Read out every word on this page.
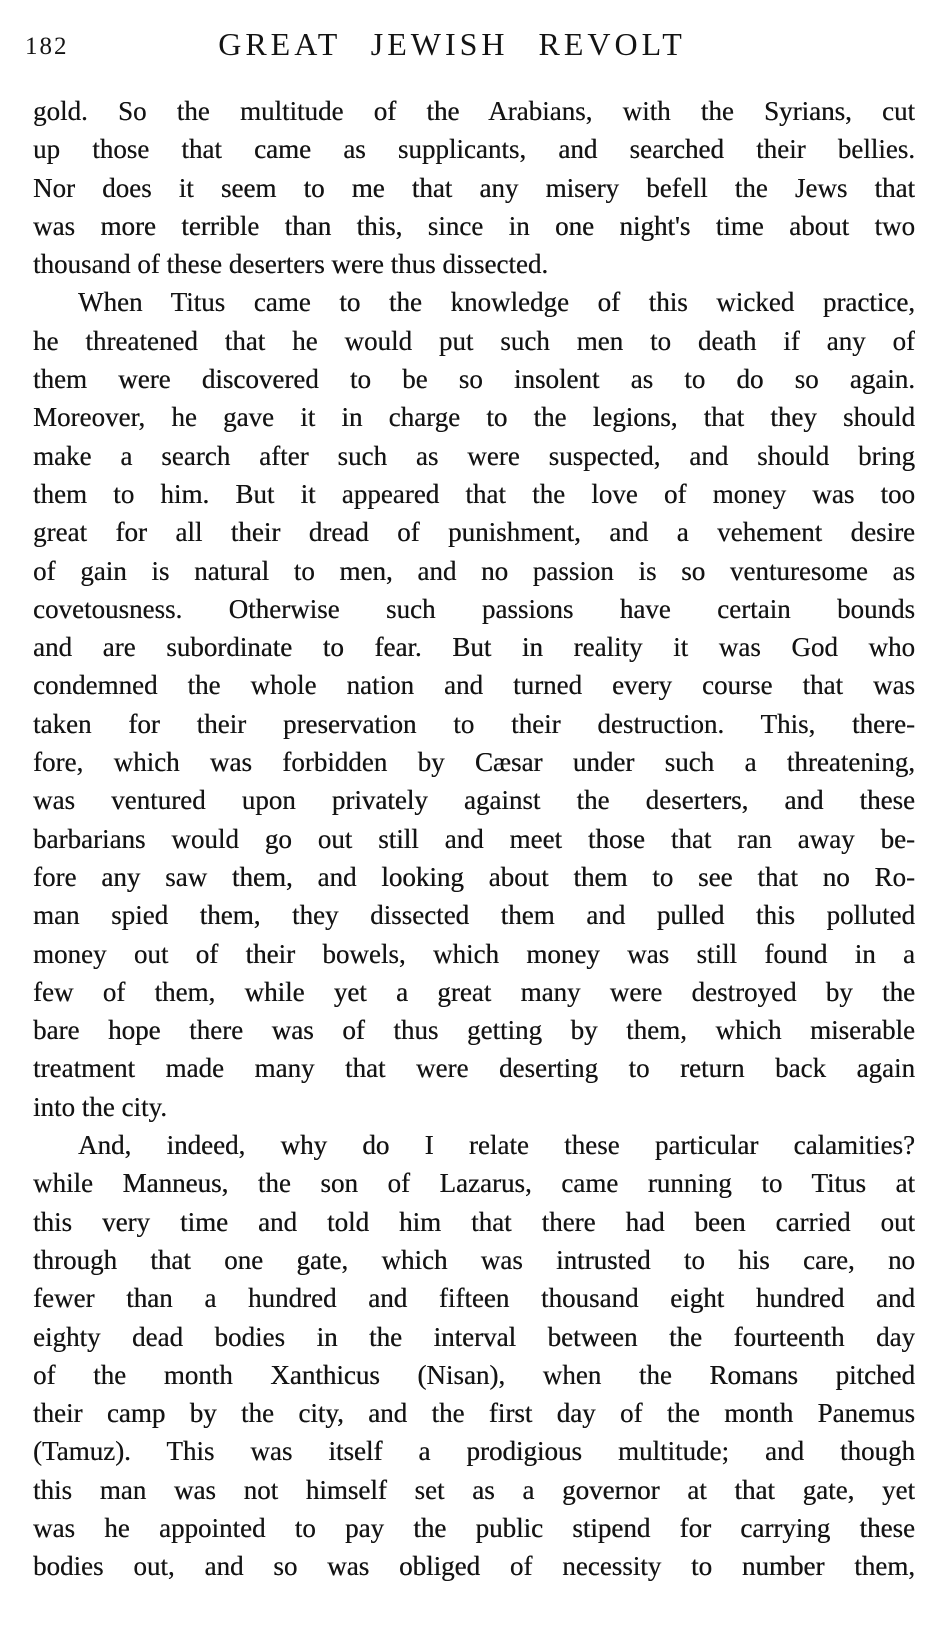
182	GREAT JEWISH REVOLT
gold. So the multitude of the Arabians, with the Syrians, cut
up those that came as supplicants, and searched their bellies.
Nor does it seem to me that any misery befell the Jews that
was more terrible than this, since in one night's time about two
thousand of these deserters were thus dissected.
When Titus came to the knowledge of this wicked practice,
he threatened that he would put such men to death if any of
them were discovered to be so insolent as to do so again.
Moreover, he gave it in charge to the legions, that they should
make a search after such as were suspected, and should bring
them to him. But it appeared that the love of money was too
great for all their dread of punishment, and a vehement desire
of gain is natural to men, and no passion is so venturesome as
covetousness. Otherwise such passions have certain bounds
and are subordinate to fear. But in reality it was God who
condemned the whole nation and turned every course that was
taken for their preservation to their destruction. This, there-
fore, which was forbidden by Cæsar under such a threatening,
was ventured upon privately against the deserters, and these
barbarians would go out still and meet those that ran away be-
fore any saw them, and looking about them to see that no Ro-
man spied them, they dissected them and pulled this polluted
money out of their bowels, which money was still found in a
few of them, while yet a great many were destroyed by the
bare hope there was of thus getting by them, which miserable
treatment made many that were deserting to return back again
into the city.
And, indeed, why do I relate these particular calamities?
while Manneus, the son of Lazarus, came running to Titus at
this very time and told him that there had been carried out
through that one gate, which was intrusted to his care, no
fewer than a hundred and fifteen thousand eight hundred and
eighty dead bodies in the interval between the fourteenth day
of the month Xanthicus (Nisan), when the Romans pitched
their camp by the city, and the first day of the month Panemus
(Tamuz). This was itself a prodigious multitude; and though
this man was not himself set as a governor at that gate, yet
was he appointed to pay the public stipend for carrying these
bodies out, and so was obliged of necessity to number them,
